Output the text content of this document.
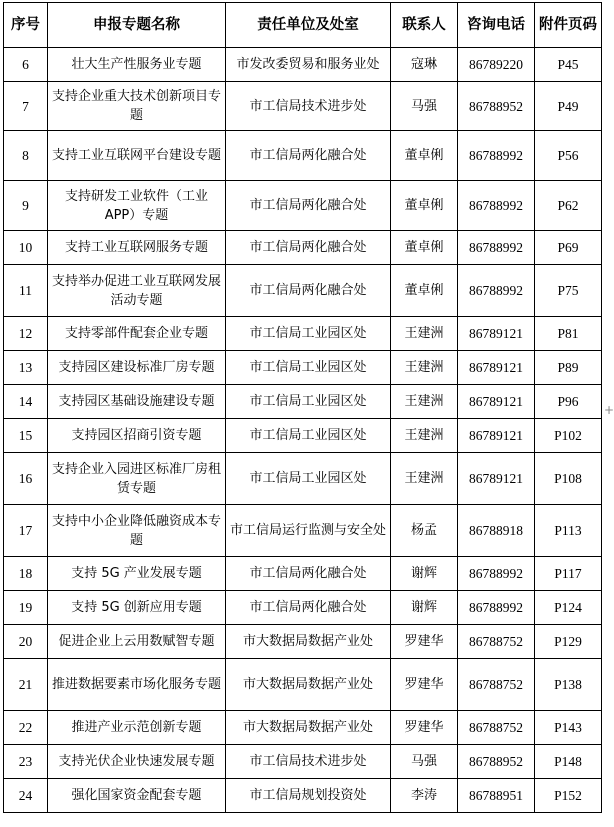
序号	申报专题名称	责任单位及处室	联系人	咨询电话	附件页码
6	壮大生产性服务业专题	市发改委贸易和服务业处	寇琳	86789220	P45
7	支持企业重大技术创新项目专题	市工信局技术进步处	马强	86788952	P49
8	支持工业互联网平台建设专题	市工信局两化融合处	董卓俐	86788992	P56
9	支持研发工业软件（工业APP）专题	市工信局两化融合处	董卓俐	86788992	P62
10	支持工业互联网服务专题	市工信局两化融合处	董卓俐	86788992	P69
11	支持举办促进工业互联网发展活动专题	市工信局两化融合处	董卓俐	86788992	P75
12	支持零部件配套企业专题	市工信局工业园区处	王建洲	86789121	P81
13	支持园区建设标准厂房专题	市工信局工业园区处	王建洲	86789121	P89
14	支持园区基础设施建设专题	市工信局工业园区处	王建洲	86789121	P96
15	支持园区招商引资专题	市工信局工业园区处	王建洲	86789121	P102
16	支持企业入园进区标准厂房租赁专题	市工信局工业园区处	王建洲	86789121	P108
17	支持中小企业降低融资成本专题	市工信局运行监测与安全处	杨孟	86788918	P113
18	支持 5G 产业发展专题	市工信局两化融合处	谢辉	86788992	P117
19	支持 5G 创新应用专题	市工信局两化融合处	谢辉	86788992	P124
20	促进企业上云用数赋智专题	市大数据局数据产业处	罗建华	86788752	P129
21	推进数据要素市场化服务专题	市大数据局数据产业处	罗建华	86788752	P138
22	推进产业示范创新专题	市大数据局数据产业处	罗建华	86788752	P143
23	支持光伏企业快速发展专题	市工信局技术进步处	马强	86788952	P148
24	强化国家资金配套专题	市工信局规划投资处	李涛	86788951	P152
+
